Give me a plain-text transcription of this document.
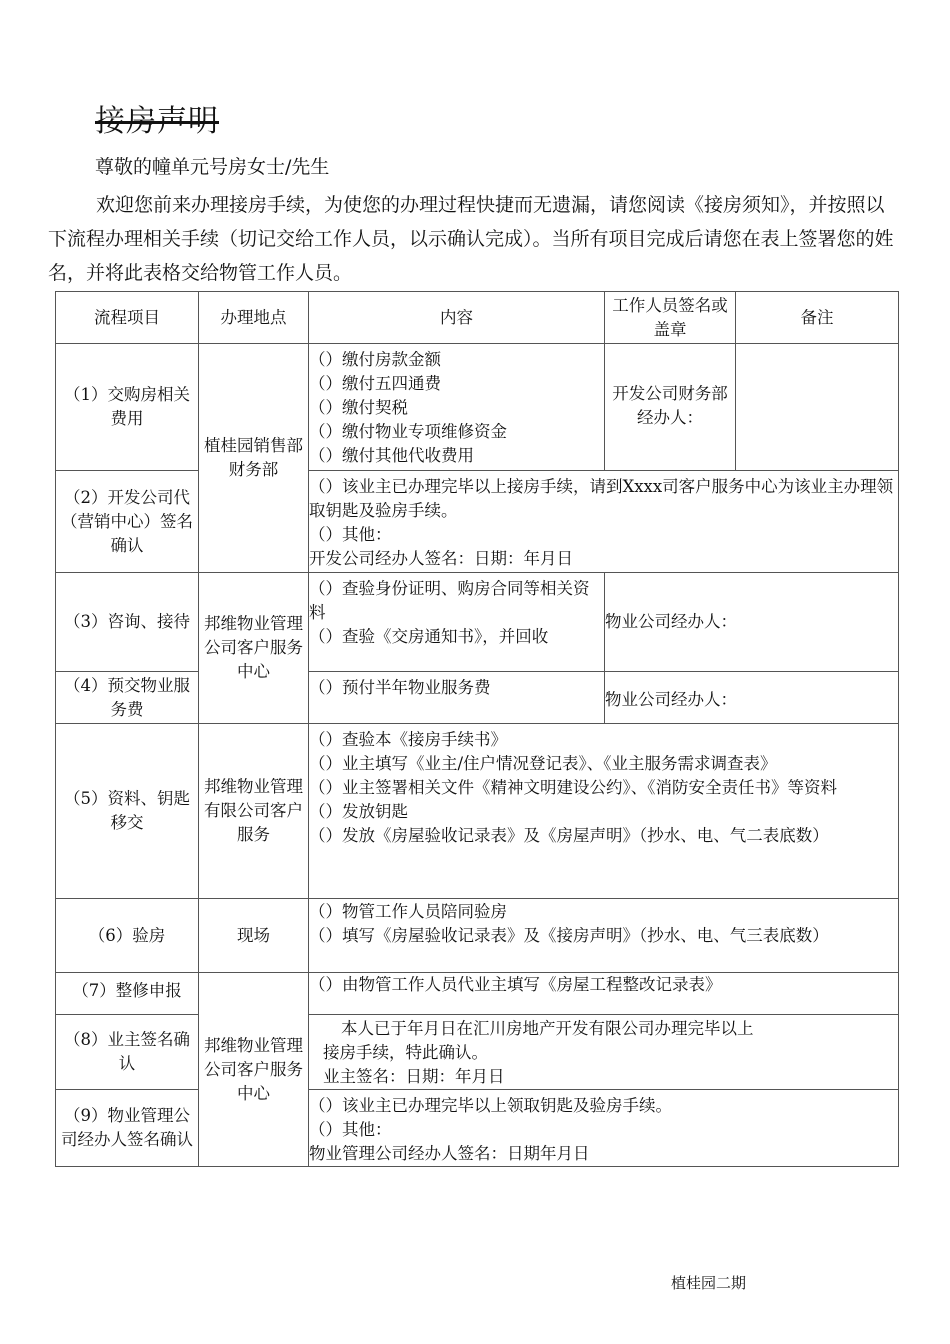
接房声明
尊敬的幢单元号房女士/先生
欢迎您前来办理接房手续，为使您的办理过程快捷而无遗漏，请您阅读《接房须知》，并按照以下流程办理相关手续（切记交给工作人员，以示确认完成）。当所有项目完成后请您在表上签署您的姓名，并将此表格交给物管工作人员。
流程项目	办理地点	内容	工作人员签名或盖章	备注
（1）交购房相关费用	植桂园销售部财务部	（）缴付房款金额
（）缴付五四通费
（）缴付契税
（）缴付物业专项维修资金
（）缴付其他代收费用	开发公司财务部经办人：	
（2）开发公司代（营销中心）签名确认		（）该业主已办理完毕以上接房手续，请到Xxxx司客户服务中心为该业主办理领取钥匙及验房手续。
（）其他：
开发公司经办人签名：日期：年月日		

（3）咨询、接待	邦维物业管理公司客户服务中心	（）查验身份证明、购房合同等相关资料
（）查验《交房通知书》，并回收	物业公司经办人：	
（4）预交物业服务费		（）预付半年物业服务费	物业公司经办人：	
（5）资料、钥匙移交	邦维物业管理有限公司客户服务	（）查验本《接房手续书》
（）业主填写《业主/住户情况登记表》、《业主服务需求调查表》
（）业主签署相关文件《精神文明建设公约》、《消防安全责任书》等资料
（）发放钥匙
（）发放《房屋验收记录表》及《房屋声明》（抄水、电、气二表底数）		

（6）验房	现场	（）物管工作人员陪同验房
（）填写《房屋验收记录表》及《接房声明》（抄水、电、气三表底数）		

（7）整修申报	邦维物业管理公司客户服务中心	（）由物管工作人员代业主填写《房屋工程整改记录表》		

（8）业主签名确认		本人已于年月日在汇川房地产开发有限公司办理完毕以上接房手续，特此确认。
业主签名：日期：年月日		

（9）物业管理公司经办人签名确认		（）该业主已办理完毕以上领取钥匙及验房手续。
（）其他：
物业管理公司经办人签名：日期年月日		
植桂园二期
